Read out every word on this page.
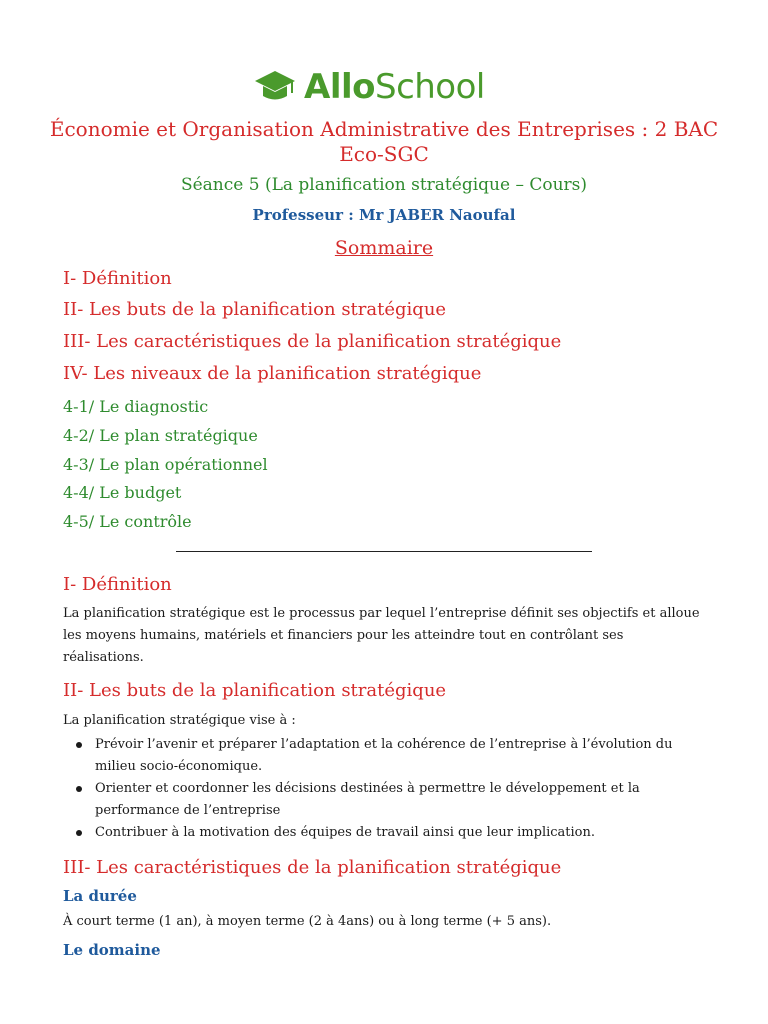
AlloSchool
Économie et Organisation Administrative des Entreprises : 2 BAC Eco-SGC
Séance 5 (La planification stratégique – Cours)
Professeur : Mr JABER Naoufal
Sommaire
I- Définition
II- Les buts de la planification stratégique
III- Les caractéristiques de la planification stratégique
IV- Les niveaux de la planification stratégique
4-1/ Le diagnostic
4-2/ Le plan stratégique
4-3/ Le plan opérationnel
4-4/ Le budget
4-5/ Le contrôle
I- Définition
La planification stratégique est le processus par lequel l’entreprise définit ses objectifs et alloue les moyens humains, matériels et financiers pour les atteindre tout en contrôlant ses réalisations.
II- Les buts de la planification stratégique
La planification stratégique vise à :
Prévoir l’avenir et préparer l’adaptation et la cohérence de l’entreprise à l’évolution du milieu socio-économique.
Orienter et coordonner les décisions destinées à permettre le développement et la performance de l’entreprise
Contribuer à la motivation des équipes de travail ainsi que leur implication.
III- Les caractéristiques de la planification stratégique
La durée
À court terme (1 an), à moyen terme (2 à 4ans) ou à long terme (+ 5 ans).
Le domaine
